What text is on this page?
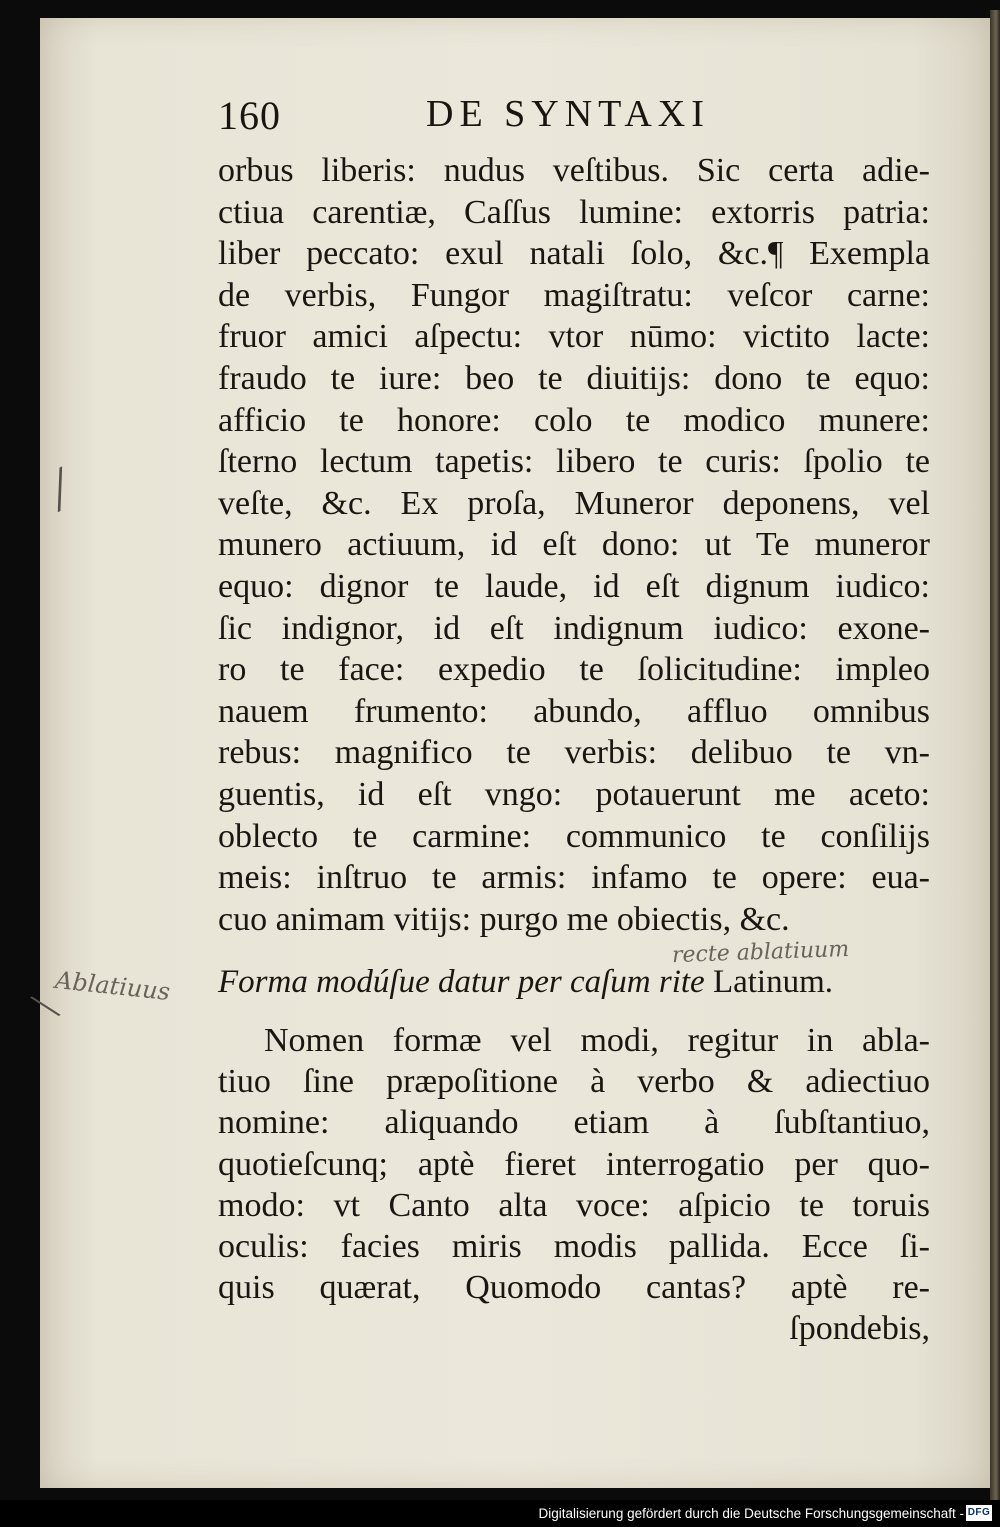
160	DE SYNTAXI
orbus liberis: nudus veſtibus. Sic certa adie-
ctiua carentiæ, Caſſus lumine: extorris patria:
liber peccato: exul natali ſolo, &c.¶ Exempla
de verbis, Fungor magiſtratu: veſcor carne:
fruor amici aſpectu: vtor nūmo: victito lacte:
fraudo te iure: beo te diuitijs: dono te equo:
afficio te honore: colo te modico munere:
ſterno lectum tapetis: libero te curis: ſpolio te
veſte, &c. Ex proſa, Muneror deponens, vel
munero actiuum, id eſt dono: ut Te muneror
equo: dignor te laude, id eſt dignum iudico:
ſic indignor, id eſt indignum iudico: exone-
ro te face: expedio te ſolicitudine: impleo
nauem frumento: abundo, affluo omnibus
rebus: magnifico te verbis: delibuo te vn-
guentis, id eſt vngo: potauerunt me aceto:
oblecto te carmine: communico te conſilijs
meis: inſtruo te armis: infamo te opere: eua-
cuo animam vitijs: purgo me obiectis, &c.
recte ablatiuum
Forma modúſue datur per caſum rite Latinum.
Ablatiuus
╱
╲
Nomen formæ vel modi, regitur in abla-
tiuo ſine præpoſitione à verbo & adiectiuo
nomine: aliquando etiam à ſubſtantiuo,
quotieſcunq; aptè fieret interrogatio per quo-
modo: vt Canto alta voce: aſpicio te toruis
oculis: facies miris modis pallida. Ecce ſi-
quis quærat, Quomodo cantas? aptè re-
ſpondebis,
Digitalisierung gefördert durch die Deutsche Forschungsgemeinschaft - DFG
